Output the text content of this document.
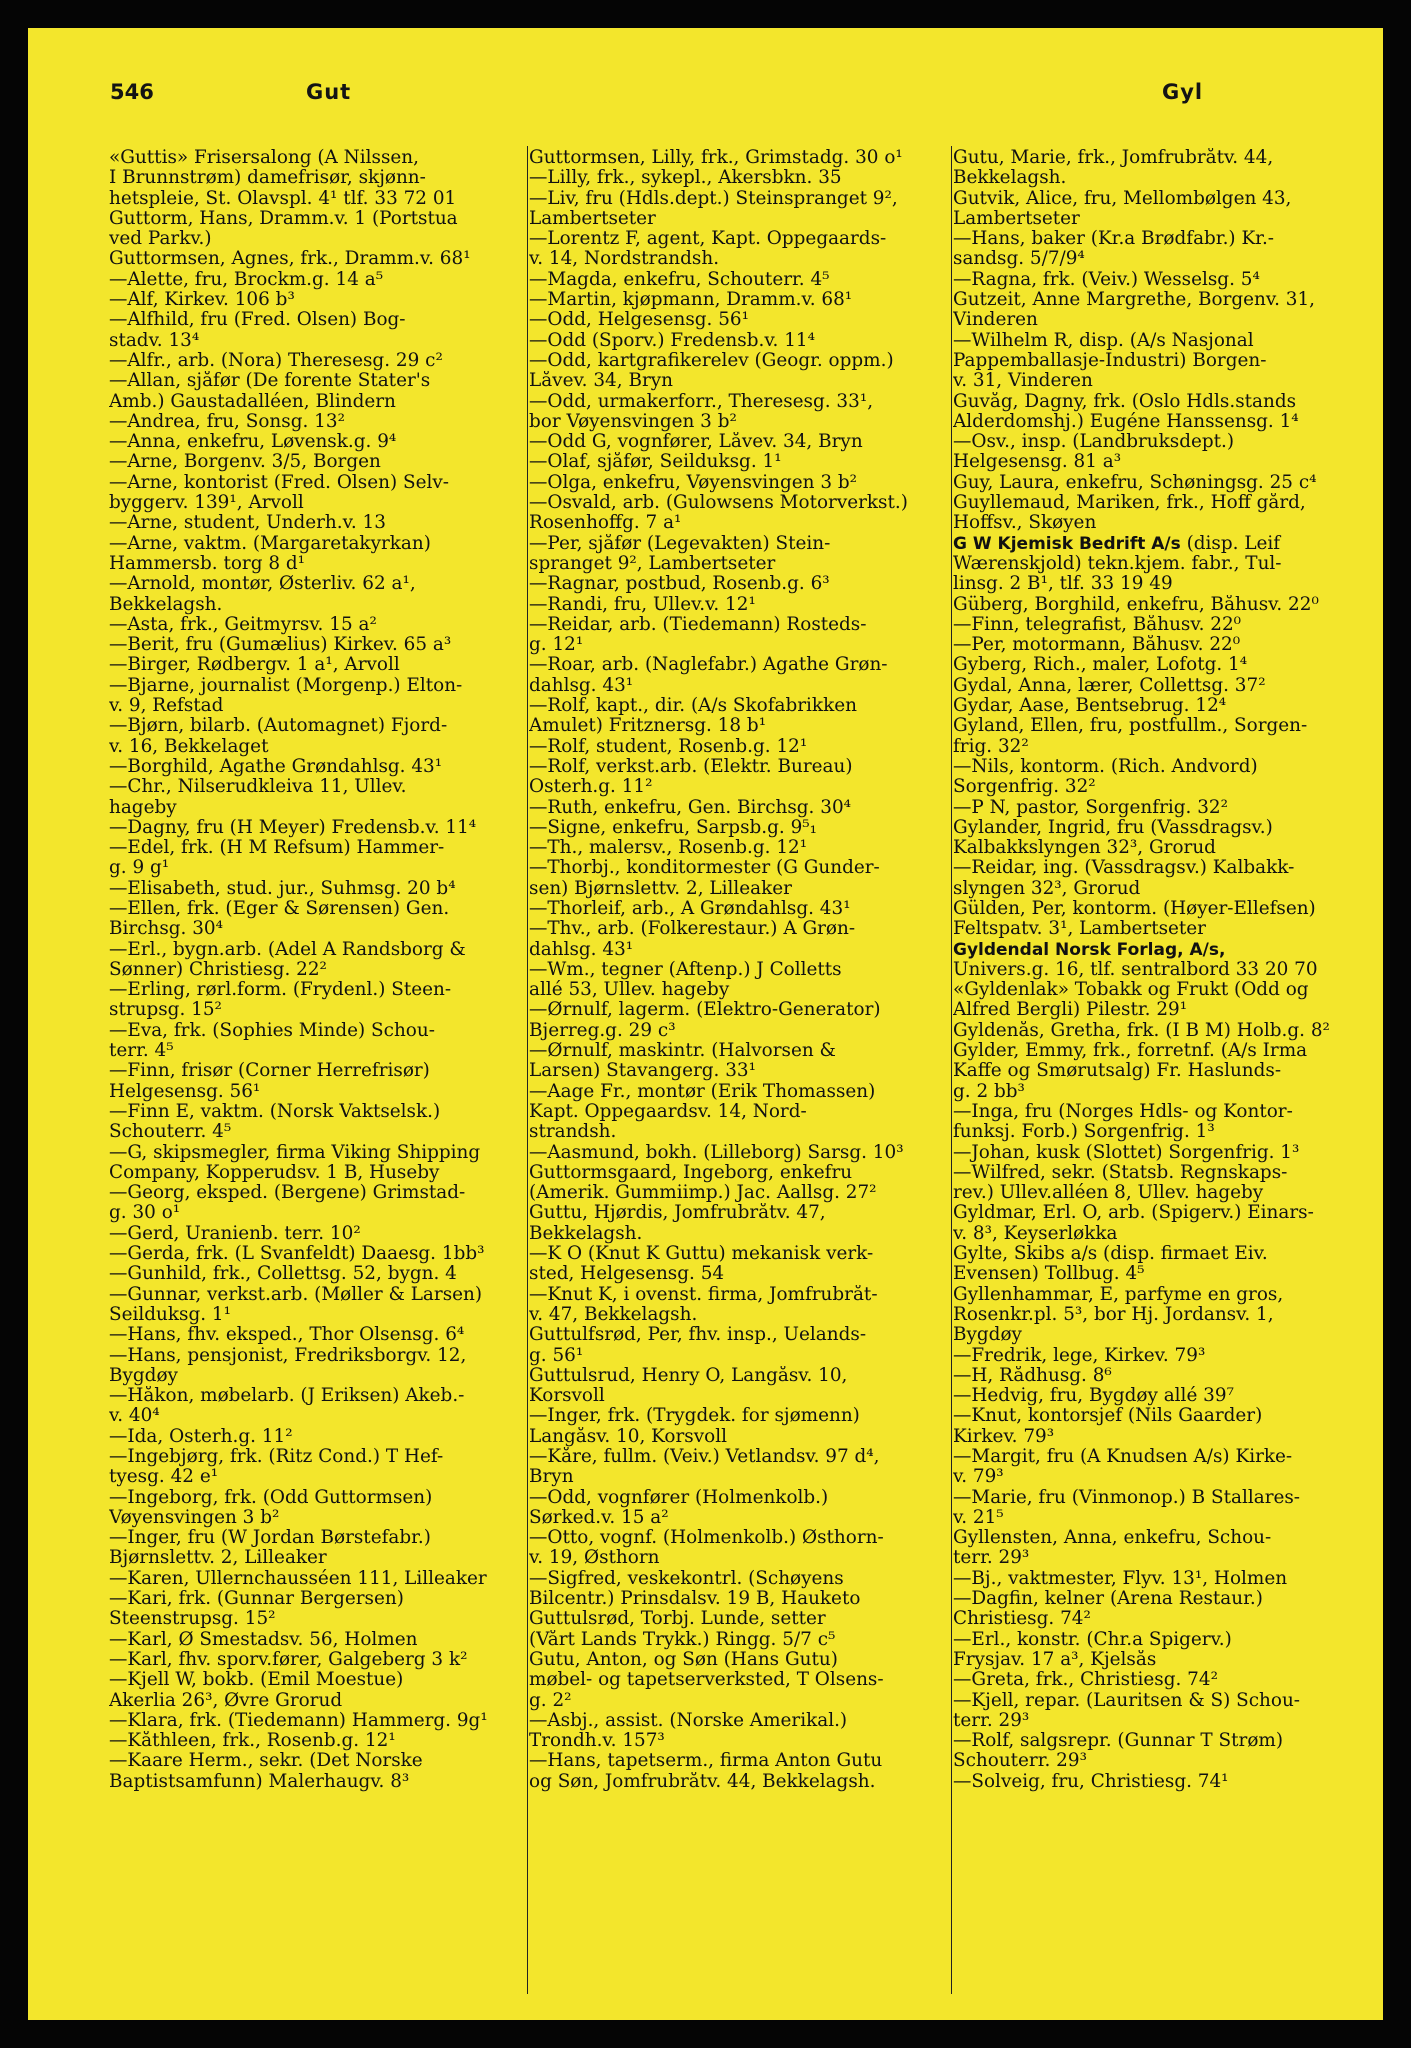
546	Gut	Gyl
«Guttis» Frisersalong (A Nilssen,
I Brunnstrøm) damefrisør, skjønn-
hetspleie, St. Olavspl. 4¹ tlf. 33 72 01
Guttorm, Hans, Dramm.v. 1 (Portstua
ved Parkv.)
Guttormsen, Agnes, frk., Dramm.v. 68¹
—Alette, fru, Brockm.g. 14 a⁵
—Alf, Kirkev. 106 b³
—Alfhild, fru (Fred. Olsen) Bog-
stadv. 13⁴
—Alfr., arb. (Nora) Theresesg. 29 c²
—Allan, sjåfør (De forente Stater's
Amb.) Gaustadalléen, Blindern
—Andrea, fru, Sonsg. 13²
—Anna, enkefru, Løvensk.g. 9⁴
—Arne, Borgenv. 3/5, Borgen
—Arne, kontorist (Fred. Olsen) Selv-
byggerv. 139¹, Arvoll
—Arne, student, Underh.v. 13
—Arne, vaktm. (Margaretakyrkan)
Hammersb. torg 8 d¹
—Arnold, montør, Østerliv. 62 a¹,
Bekkelagsh.
—Asta, frk., Geitmyrsv. 15 a²
—Berit, fru (Gumælius) Kirkev. 65 a³
—Birger, Rødbergv. 1 a¹, Arvoll
—Bjarne, journalist (Morgenp.) Elton-
v. 9, Refstad
—Bjørn, bilarb. (Automagnet) Fjord-
v. 16, Bekkelaget
—Borghild, Agathe Grøndahlsg. 43¹
—Chr., Nilserudkleiva 11, Ullev.
hageby
—Dagny, fru (H Meyer) Fredensb.v. 11⁴
—Edel, frk. (H M Refsum) Hammer-
g. 9 g¹
—Elisabeth, stud. jur., Suhmsg. 20 b⁴
—Ellen, frk. (Eger & Sørensen) Gen.
Birchsg. 30⁴
—Erl., bygn.arb. (Adel A Randsborg &
Sønner) Christiesg. 22²
—Erling, rørl.form. (Frydenl.) Steen-
strupsg. 15²
—Eva, frk. (Sophies Minde) Schou-
terr. 4⁵
—Finn, frisør (Corner Herrefrisør)
Helgesensg. 56¹
—Finn E, vaktm. (Norsk Vaktselsk.)
Schouterr. 4⁵
—G, skipsmegler, firma Viking Shipping
Company, Kopperudsv. 1 B, Huseby
—Georg, eksped. (Bergene) Grimstad-
g. 30 o¹
—Gerd, Uranienb. terr. 10²
—Gerda, frk. (L Svanfeldt) Daaesg. 1bb³
—Gunhild, frk., Collettsg. 52, bygn. 4
—Gunnar, verkst.arb. (Møller & Larsen)
Seilduksg. 1¹
—Hans, fhv. eksped., Thor Olsensg. 6⁴
—Hans, pensjonist, Fredriksborgv. 12,
Bygdøy
—Håkon, møbelarb. (J Eriksen) Akeb.-
v. 40⁴
—Ida, Osterh.g. 11²
—Ingebjørg, frk. (Ritz Cond.) T Hef-
tyesg. 42 e¹
—Ingeborg, frk. (Odd Guttormsen)
Vøyensvingen 3 b²
—Inger, fru (W Jordan Børstefabr.)
Bjørnslettv. 2, Lilleaker
—Karen, Ullernchausséen 111, Lilleaker
—Kari, frk. (Gunnar Bergersen)
Steenstrupsg. 15²
—Karl, Ø Smestadsv. 56, Holmen
—Karl, fhv. sporv.fører, Galgeberg 3 k²
—Kjell W, bokb. (Emil Moestue)
Akerlia 26³, Øvre Grorud
—Klara, frk. (Tiedemann) Hammerg. 9g¹
—Kåthleen, frk., Rosenb.g. 12¹
—Kaare Herm., sekr. (Det Norske
Baptistsamfunn) Malerhaugv. 8³
Guttormsen, Lilly, frk., Grimstadg. 30 o¹
—Lilly, frk., sykepl., Akersbkn. 35
—Liv, fru (Hdls.dept.) Steinspranget 9²,
Lambertseter
—Lorentz F, agent, Kapt. Oppegaards-
v. 14, Nordstrandsh.
—Magda, enkefru, Schouterr. 4⁵
—Martin, kjøpmann, Dramm.v. 68¹
—Odd, Helgesensg. 56¹
—Odd (Sporv.) Fredensb.v. 11⁴
—Odd, kartgrafikerelev (Geogr. oppm.)
Låvev. 34, Bryn
—Odd, urmakerforr., Theresesg. 33¹,
bor Vøyensvingen 3 b²
—Odd G, vognfører, Låvev. 34, Bryn
—Olaf, sjåfør, Seilduksg. 1¹
—Olga, enkefru, Vøyensvingen 3 b²
—Osvald, arb. (Gulowsens Motorverkst.)
Rosenhoffg. 7 a¹
—Per, sjåfør (Legevakten) Stein-
spranget 9², Lambertseter
—Ragnar, postbud, Rosenb.g. 6³
—Randi, fru, Ullev.v. 12¹
—Reidar, arb. (Tiedemann) Rosteds-
g. 12¹
—Roar, arb. (Naglefabr.) Agathe Grøn-
dahlsg. 43¹
—Rolf, kapt., dir. (A/s Skofabrikken
Amulet) Fritznersg. 18 b¹
—Rolf, student, Rosenb.g. 12¹
—Rolf, verkst.arb. (Elektr. Bureau)
Osterh.g. 11²
—Ruth, enkefru, Gen. Birchsg. 30⁴
—Signe, enkefru, Sarpsb.g. 9⁵₁
—Th., malersv., Rosenb.g. 12¹
—Thorbj., konditormester (G Gunder-
sen) Bjørnslettv. 2, Lilleaker
—Thorleif, arb., A Grøndahlsg. 43¹
—Thv., arb. (Folkerestaur.) A Grøn-
dahlsg. 43¹
—Wm., tegner (Aftenp.) J Colletts
allé 53, Ullev. hageby
—Ørnulf, lagerm. (Elektro-Generator)
Bjerreg.g. 29 c³
—Ørnulf, maskintr. (Halvorsen &
Larsen) Stavangerg. 33¹
—Aage Fr., montør (Erik Thomassen)
Kapt. Oppegaardsv. 14, Nord-
strandsh.
—Aasmund, bokh. (Lilleborg) Sarsg. 10³
Guttormsgaard, Ingeborg, enkefru
(Amerik. Gummiimp.) Jac. Aallsg. 27²
Guttu, Hjørdis, Jomfrubråtv. 47,
Bekkelagsh.
—K O (Knut K Guttu) mekanisk verk-
sted, Helgesensg. 54
—Knut K, i ovenst. firma, Jomfrubråt-
v. 47, Bekkelagsh.
Guttulfsrød, Per, fhv. insp., Uelands-
g. 56¹
Guttulsrud, Henry O, Langåsv. 10,
Korsvoll
—Inger, frk. (Trygdek. for sjømenn)
Langåsv. 10, Korsvoll
—Kåre, fullm. (Veiv.) Vetlandsv. 97 d⁴,
Bryn
—Odd, vognfører (Holmenkolb.)
Sørked.v. 15 a²
—Otto, vognf. (Holmenkolb.) Østhorn-
v. 19, Østhorn
—Sigfred, veskekontrl. (Schøyens
Bilcentr.) Prinsdalsv. 19 B, Hauketo
Guttulsrød, Torbj. Lunde, setter
(Vårt Lands Trykk.) Ringg. 5/7 c⁵
Gutu, Anton, og Søn (Hans Gutu)
møbel- og tapetserverksted, T Olsens-
g. 2²
—Asbj., assist. (Norske Amerikal.)
Trondh.v. 157³
—Hans, tapetserm., firma Anton Gutu
og Søn, Jomfrubråtv. 44, Bekkelagsh.
Gutu, Marie, frk., Jomfrubråtv. 44,
Bekkelagsh.
Gutvik, Alice, fru, Mellombølgen 43,
Lambertseter
—Hans, baker (Kr.a Brødfabr.) Kr.-
sandsg. 5/7/9⁴
—Ragna, frk. (Veiv.) Wesselsg. 5⁴
Gutzeit, Anne Margrethe, Borgenv. 31,
Vinderen
—Wilhelm R, disp. (A/s Nasjonal
Pappemballasje-Industri) Borgen-
v. 31, Vinderen
Guvåg, Dagny, frk. (Oslo Hdls.stands
Alderdomshj.) Eugéne Hanssensg. 1⁴
—Osv., insp. (Landbruksdept.)
Helgesensg. 81 a³
Guy, Laura, enkefru, Schøningsg. 25 c⁴
Guyllemaud, Mariken, frk., Hoff gård,
Hoffsv., Skøyen
G W Kjemisk Bedrift A/s (disp. Leif
Wærenskjold) tekn.kjem. fabr., Tul-
linsg. 2 B¹, tlf. 33 19 49
Güberg, Borghild, enkefru, Båhusv. 22⁰
—Finn, telegrafist, Båhusv. 22⁰
—Per, motormann, Båhusv. 22⁰
Gyberg, Rich., maler, Lofotg. 1⁴
Gydal, Anna, lærer, Collettsg. 37²
Gydar, Aase, Bentsebrug. 12⁴
Gyland, Ellen, fru, postfullm., Sorgen-
frig. 32²
—Nils, kontorm. (Rich. Andvord)
Sorgenfrig. 32²
—P N, pastor, Sorgenfrig. 32²
Gylander, Ingrid, fru (Vassdragsv.)
Kalbakkslyngen 32³, Grorud
—Reidar, ing. (Vassdragsv.) Kalbakk-
slyngen 32³, Grorud
Gülden, Per, kontorm. (Høyer-Ellefsen)
Feltspatv. 3¹, Lambertseter
Gyldendal Norsk Forlag, A/s,
Univers.g. 16, tlf. sentralbord 33 20 70
«Gyldenlak» Tobakk og Frukt (Odd og
Alfred Bergli) Pilestr. 29¹
Gyldenås, Gretha, frk. (I B M) Holb.g. 8²
Gylder, Emmy, frk., forretnf. (A/s Irma
Kaffe og Smørutsalg) Fr. Haslunds-
g. 2 bb³
—Inga, fru (Norges Hdls- og Kontor-
funksj. Forb.) Sorgenfrig. 1³
—Johan, kusk (Slottet) Sorgenfrig. 1³
—Wilfred, sekr. (Statsb. Regnskaps-
rev.) Ullev.alléen 8, Ullev. hageby
Gyldmar, Erl. O, arb. (Spigerv.) Einars-
v. 8³, Keyserløkka
Gylte, Skibs a/s (disp. firmaet Eiv.
Evensen) Tollbug. 4⁵
Gyllenhammar, E, parfyme en gros,
Rosenkr.pl. 5³, bor Hj. Jordansv. 1,
Bygdøy
—Fredrik, lege, Kirkev. 79³
—H, Rådhusg. 8⁶
—Hedvig, fru, Bygdøy allé 39⁷
—Knut, kontorsjef (Nils Gaarder)
Kirkev. 79³
—Margit, fru (A Knudsen A/s) Kirke-
v. 79³
—Marie, fru (Vinmonop.) B Stallares-
v. 21⁵
Gyllensten, Anna, enkefru, Schou-
terr. 29³
—Bj., vaktmester, Flyv. 13¹, Holmen
—Dagfin, kelner (Arena Restaur.)
Christiesg. 74²
—Erl., konstr. (Chr.a Spigerv.)
Frysjav. 17 a³, Kjelsås
—Greta, frk., Christiesg. 74²
—Kjell, repar. (Lauritsen & S) Schou-
terr. 29³
—Rolf, salgsrepr. (Gunnar T Strøm)
Schouterr. 29³
—Solveig, fru, Christiesg. 74¹
